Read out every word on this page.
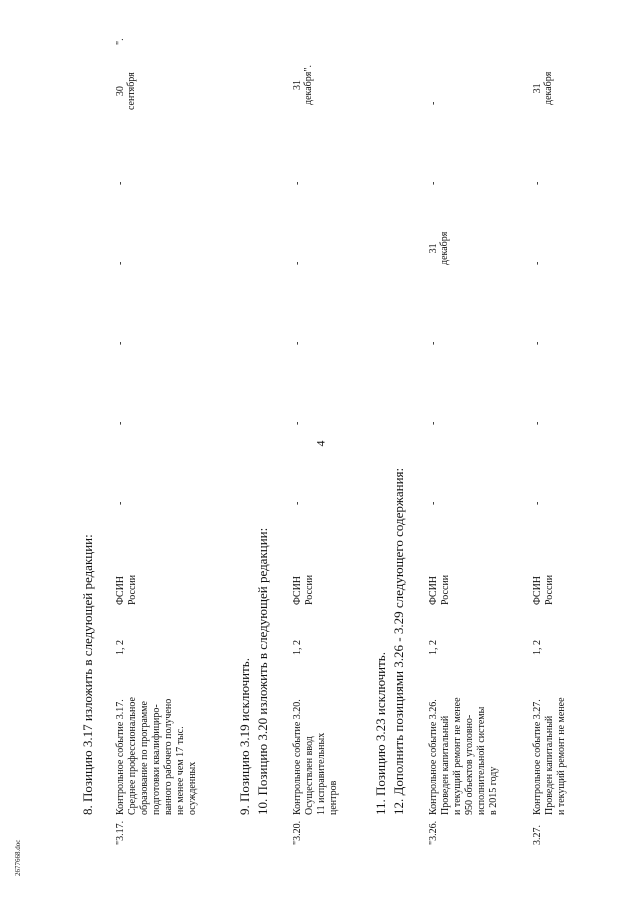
4
2677668.doc
8. Позицию 3.17 изложить в следующей редакции:	9. Позицию 3.19 исключить. 10. Позицию 3.20 изложить в следующей редакции:	11. Позицию 3.23 исключить. 12. Дополнить позициями 3.26 - 3.29 следующего содержания:
"3.17.
Контрольное событие 3.17. Среднее профессиональное образование по программе подготовки квалифициро- ванного рабочего получено не менее чем 17 тыс. осужденных
1, 2
ФСИН России
-
-
-
-
-
30 сентября
".
"3.20.
Контрольное событие 3.20. Осуществлен ввод 11 исправительных центров
1, 2
ФСИН России
-
-
-
-
-
31 декабря".
"3.26.
Контрольное событие 3.26. Проведен капитальный и текущий ремонт не менее 950 объектов уголовно- исполнительной системы в 2015 году
1, 2
ФСИН России
-
-
-
31 декабря
-
-
3.27.
Контрольное событие 3.27. Проведен капитальный и текущий ремонт не менее
1, 2
ФСИН России
-
-
-
-
-
31 декабря
